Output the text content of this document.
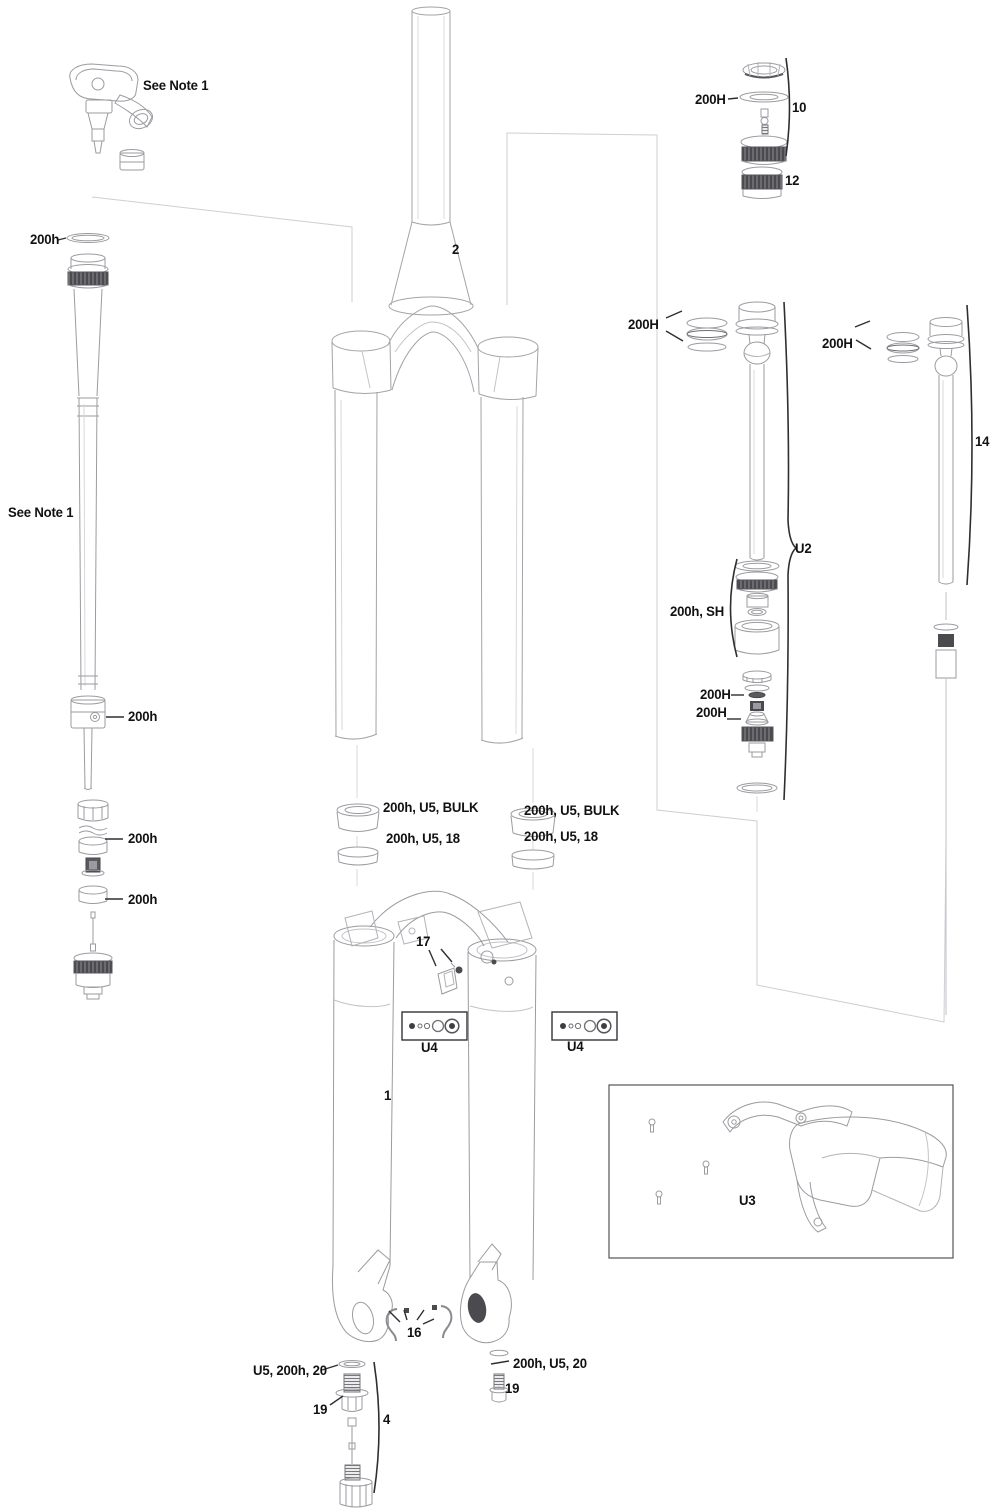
See Note 1
200h
2
See Note 1
200h
200h
200h
200H	10
12
200H
200H
14
U2
200h, SH
200H
200H
200h, U5, BULK	200h, U5, BULK
200h, U5, 18	200h, U5, 18
17
U4	U4
1
U3
16
U5, 200h, 20
19
4
200h, U5, 20
19
